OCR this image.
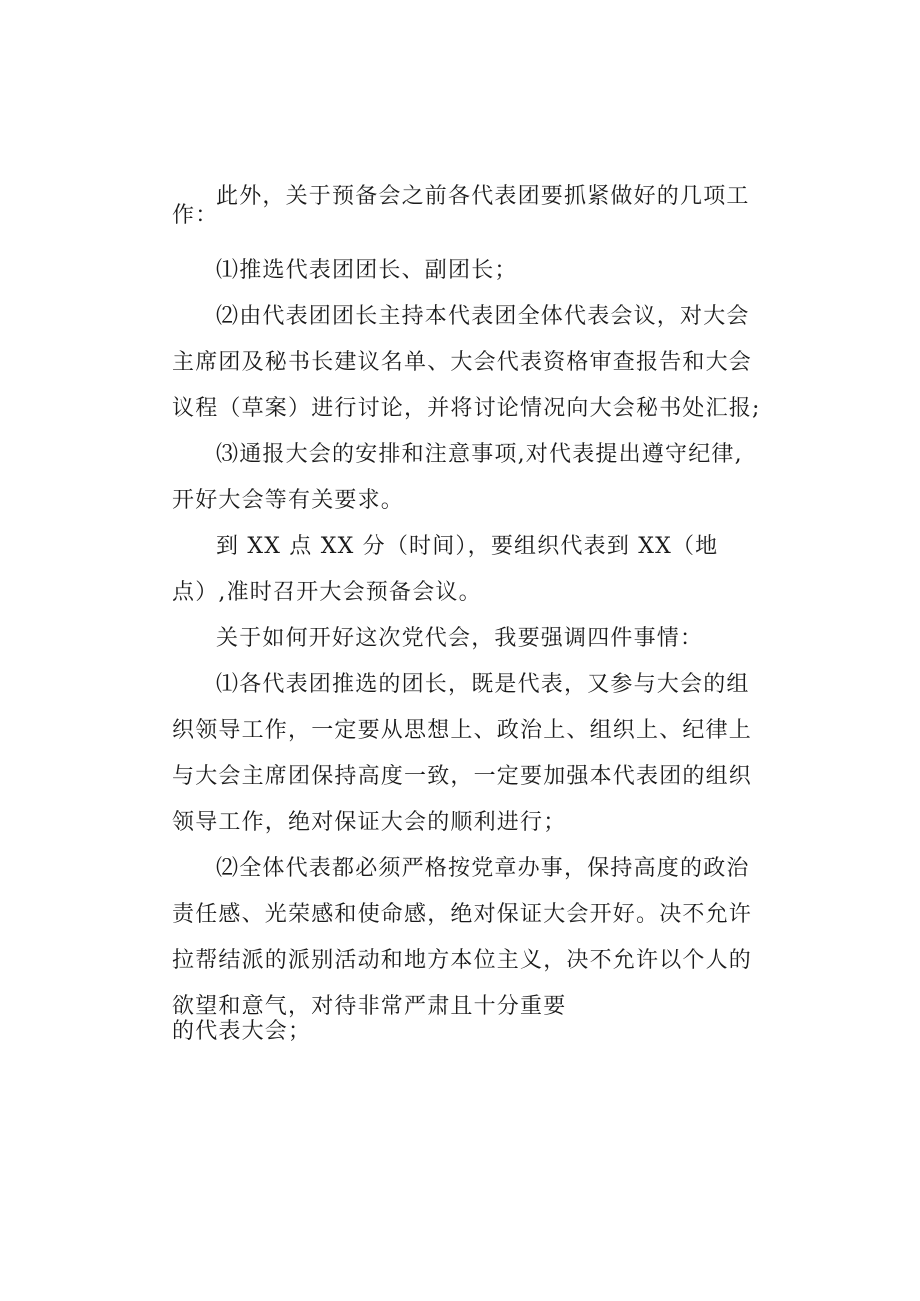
此外，关于预备会之前各代表团要抓紧做好的几项工
作：
⑴推选代表团团长、副团长；
⑵由代表团团长主持本代表团全体代表会议，对大会
主席团及秘书长建议名单、大会代表资格审查报告和大会
议程（草案）进行讨论，并将讨论情况向大会秘书处汇报;
⑶通报大会的安排和注意事项,对代表提出遵守纪律,
开好大会等有关要求。
到 XX 点 XX 分（时间），要组织代表到 XX（地
点）,准时召开大会预备会议。
关于如何开好这次党代会，我要强调四件事情：
⑴各代表团推选的团长，既是代表，又参与大会的组
织领导工作，一定要从思想上、政治上、组织上、纪律上
与大会主席团保持高度一致，一定要加强本代表团的组织
领导工作，绝对保证大会的顺利进行；
⑵全体代表都必须严格按党章办事，保持高度的政治
责任感、光荣感和使命感，绝对保证大会开好。决不允许
拉帮结派的派别活动和地方本位主义，决不允许以个人的
欲望和意气，对待非常严肃且十分重要
的代表大会；
